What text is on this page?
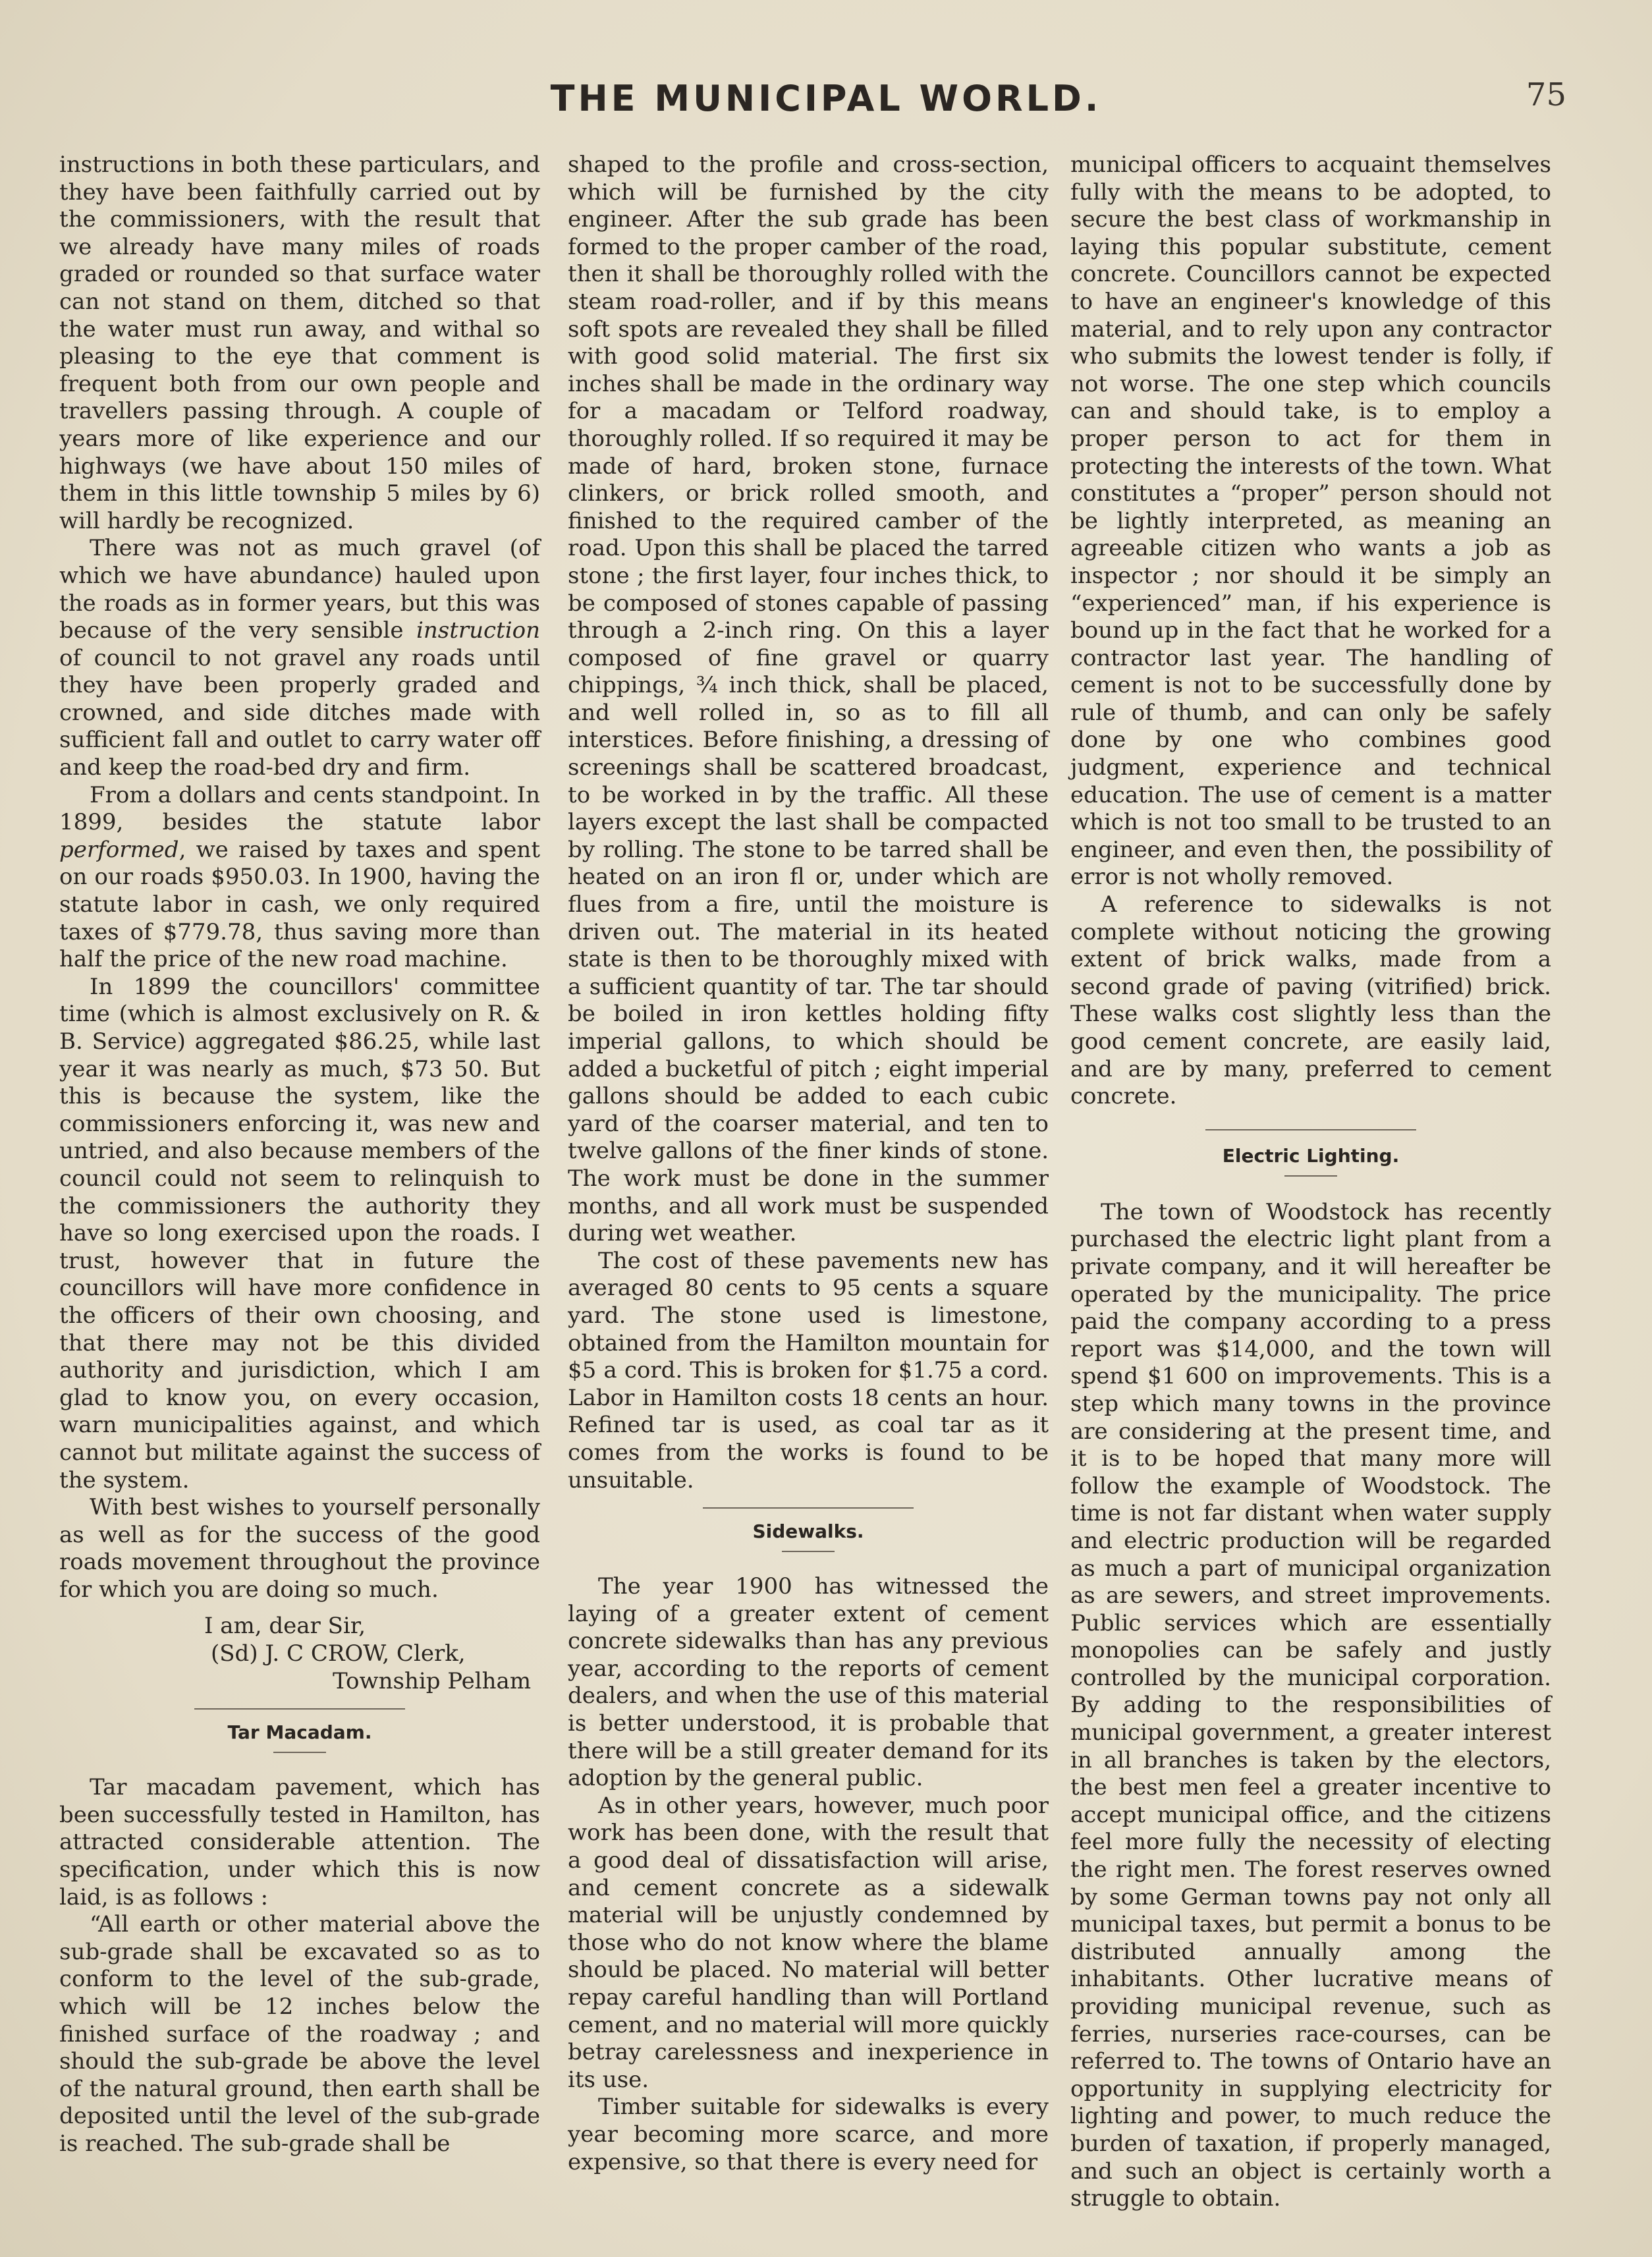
THE MUNICIPAL WORLD.	75

instructions in both these particulars, and they have been faithfully carried out by the commissioners, with the result that we already have many miles of roads graded or rounded so that surface water can not stand on them, ditched so that the water must run away, and withal so pleasing to the eye that comment is frequent both from our own people and travellers passing through. A couple of years more of like experience and our highways (we have about 150 miles of them in this little township 5 miles by 6) will hardly be recognized.

There was not as much gravel (of which we have abundance) hauled upon the roads as in former years, but this was because of the very sensible instruction of council to not gravel any roads until they have been properly graded and crowned, and side ditches made with sufficient fall and outlet to carry water off and keep the road-bed dry and firm.

From a dollars and cents standpoint. In 1899, besides the statute labor performed, we raised by taxes and spent on our roads $950.03. In 1900, having the statute labor in cash, we only required taxes of $779.78, thus saving more than half the price of the new road machine.

In 1899 the councillors' committee time (which is almost exclusively on R. & B. Service) aggregated $86.25, while last year it was nearly as much, $73 50. But this is because the system, like the commissioners enforcing it, was new and untried, and also because members of the council could not seem to relinquish to the commissioners the authority they have so long exercised upon the roads. I trust, however that in future the councillors will have more confidence in the officers of their own choosing, and that there may not be this divided authority and jurisdiction, which I am glad to know you, on every occasion, warn municipalities against, and which cannot but militate against the success of the system.

With best wishes to yourself personally as well as for the success of the good roads movement throughout the province for which you are doing so much.

I am, dear Sir,
(Sd) J. C CROW, Clerk,
Township Pelham

Tar Macadam.

Tar macadam pavement, which has been successfully tested in Hamilton, has attracted considerable attention. The specification, under which this is now laid, is as follows :

“All earth or other material above the sub-grade shall be excavated so as to conform to the level of the sub-grade, which will be 12 inches below the finished surface of the roadway ; and should the sub-grade be above the level of the natural ground, then earth shall be deposited until the level of the sub-grade is reached. The sub-grade shall be

shaped to the profile and cross-section, which will be furnished by the city engineer. After the sub grade has been formed to the proper camber of the road, then it shall be thoroughly rolled with the steam road-roller, and if by this means soft spots are revealed they shall be filled with good solid material. The first six inches shall be made in the ordinary way for a macadam or Telford roadway, thoroughly rolled. If so required it may be made of hard, broken stone, furnace clinkers, or brick rolled smooth, and finished to the required camber of the road. Upon this shall be placed the tarred stone ; the first layer, four inches thick, to be composed of stones capable of passing through a 2-inch ring. On this a layer composed of fine gravel or quarry chippings, ¾ inch thick, shall be placed, and well rolled in, so as to fill all interstices. Before finishing, a dressing of screenings shall be scattered broadcast, to be worked in by the traffic. All these layers except the last shall be compacted by rolling. The stone to be tarred shall be heated on an iron fl or, under which are flues from a fire, until the moisture is driven out. The material in its heated state is then to be thoroughly mixed with a sufficient quantity of tar. The tar should be boiled in iron kettles holding fifty imperial gallons, to which should be added a bucketful of pitch ; eight imperial gallons should be added to each cubic yard of the coarser material, and ten to twelve gallons of the finer kinds of stone. The work must be done in the summer months, and all work must be suspended during wet weather.

The cost of these pavements new has averaged 80 cents to 95 cents a square yard. The stone used is limestone, obtained from the Hamilton mountain for $5 a cord. This is broken for $1.75 a cord. Labor in Hamilton costs 18 cents an hour. Refined tar is used, as coal tar as it comes from the works is found to be unsuitable.

Sidewalks.

The year 1900 has witnessed the laying of a greater extent of cement concrete sidewalks than has any previous year, according to the reports of cement dealers, and when the use of this material is better understood, it is probable that there will be a still greater demand for its adoption by the general public.

As in other years, however, much poor work has been done, with the result that a good deal of dissatisfaction will arise, and cement concrete as a sidewalk material will be unjustly condemned by those who do not know where the blame should be placed. No material will better repay careful handling than will Portland cement, and no material will more quickly betray carelessness and inexperience in its use.

Timber suitable for sidewalks is every year becoming more scarce, and more expensive, so that there is every need for

municipal officers to acquaint themselves fully with the means to be adopted, to secure the best class of workmanship in laying this popular substitute, cement concrete. Councillors cannot be expected to have an engineer's knowledge of this material, and to rely upon any contractor who submits the lowest tender is folly, if not worse. The one step which councils can and should take, is to employ a proper person to act for them in protecting the interests of the town. What constitutes a “proper” person should not be lightly interpreted, as meaning an agreeable citizen who wants a job as inspector ; nor should it be simply an “experienced” man, if his experience is bound up in the fact that he worked for a contractor last year. The handling of cement is not to be successfully done by rule of thumb, and can only be safely done by one who combines good judgment, experience and technical education. The use of cement is a matter which is not too small to be trusted to an engineer, and even then, the possibility of error is not wholly removed.

A reference to sidewalks is not complete without noticing the growing extent of brick walks, made from a second grade of paving (vitrified) brick. These walks cost slightly less than the good cement concrete, are easily laid, and are by many, preferred to cement concrete.

Electric Lighting.

The town of Woodstock has recently purchased the electric light plant from a private company, and it will hereafter be operated by the municipality. The price paid the company according to a press report was $14,000, and the town will spend $1 600 on improvements. This is a step which many towns in the province are considering at the present time, and it is to be hoped that many more will follow the example of Woodstock. The time is not far distant when water supply and electric production will be regarded as much a part of municipal organization as are sewers, and street improvements. Public services which are essentially monopolies can be safely and justly controlled by the municipal corporation. By adding to the responsibilities of municipal government, a greater interest in all branches is taken by the electors, the best men feel a greater incentive to accept municipal office, and the citizens feel more fully the necessity of electing the right men. The forest reserves owned by some German towns pay not only all municipal taxes, but permit a bonus to be distributed annually among the inhabitants. Other lucrative means of providing municipal revenue, such as ferries, nurseries race-courses, can be referred to. The towns of Ontario have an opportunity in supplying electricity for lighting and power, to much reduce the burden of taxation, if properly managed, and such an object is certainly worth a struggle to obtain.
